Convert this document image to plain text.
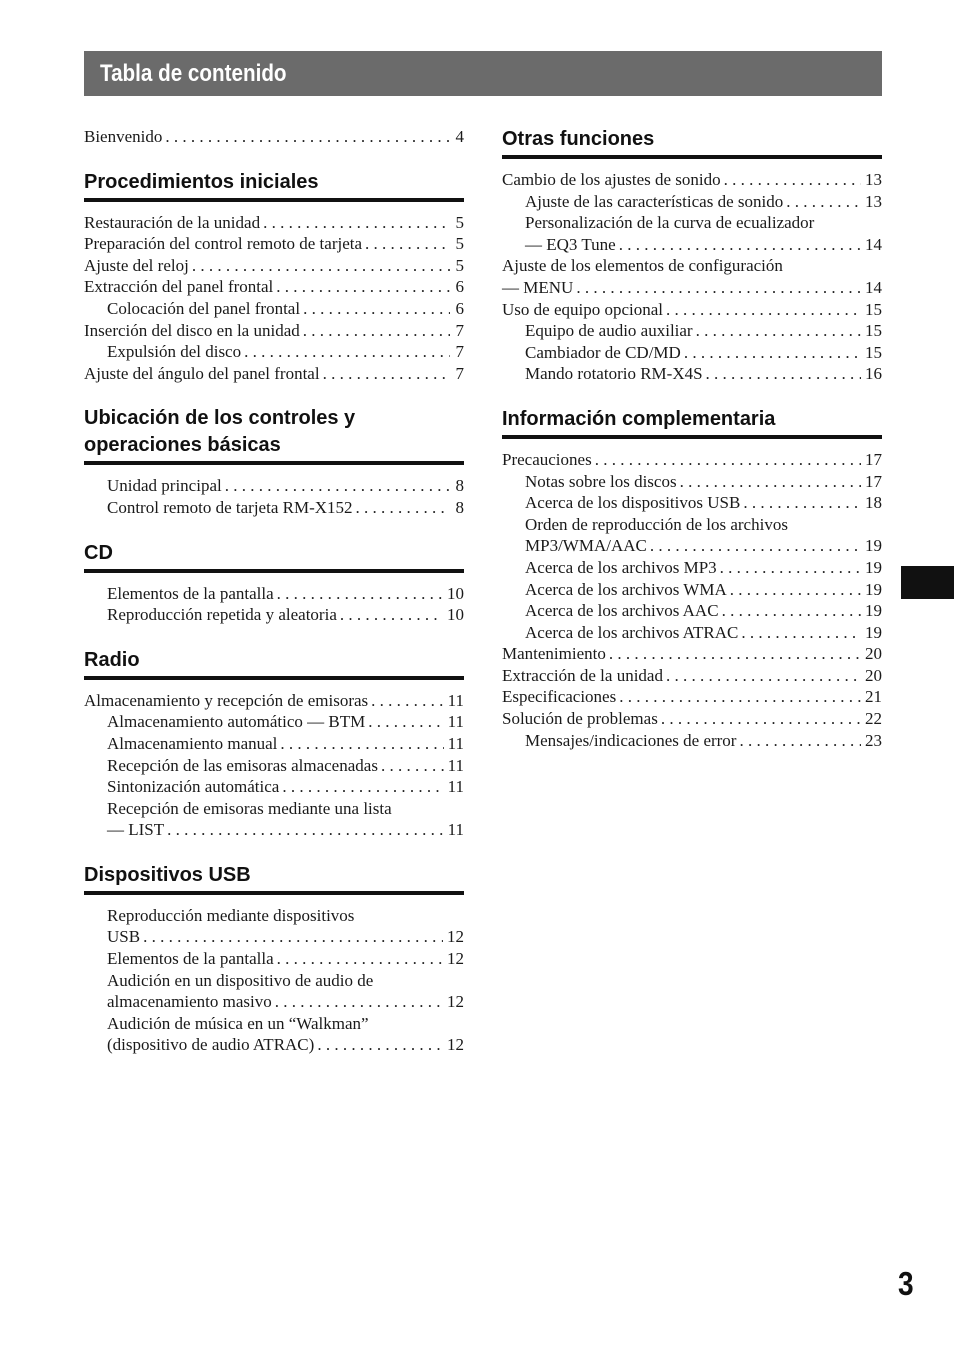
Tabla de contenido
Bienvenido . . .	4
Procedimientos iniciales
Restauración de la unidad . . .	5
Preparación del control remoto de tarjeta . . .	5
Ajuste del reloj . . .	5
Extracción del panel frontal . . .	6
Colocación del panel frontal . . .	6
Inserción del disco en la unidad . . .	7
Expulsión del disco . . .	7
Ajuste del ángulo del panel frontal . . .	7
Ubicación de los controles y operaciones básicas
Unidad principal . . .	8
Control remoto de tarjeta RM-X152 . . .	8
CD
Elementos de la pantalla . . .	10
Reproducción repetida y aleatoria . . .	10
Radio
Almacenamiento y recepción de emisoras . . .	11
Almacenamiento automático — BTM . . .	11
Almacenamiento manual . . .	11
Recepción de las emisoras almacenadas . . .	11
Sintonización automática . . .	11
Recepción de emisoras mediante una lista
— LIST . . .	11
Dispositivos USB
Reproducción mediante dispositivos
USB . . .	12
Elementos de la pantalla . . .	12
Audición en un dispositivo de audio de
almacenamiento masivo . . .	12
Audición de música en un “Walkman”
(dispositivo de audio ATRAC) . . .	12
Otras funciones
Cambio de los ajustes de sonido . . .	13
Ajuste de las características de sonido . . .	13
Personalización de la curva de ecualizador
— EQ3 Tune . . .	14
Ajuste de los elementos de configuración
— MENU . . .	14
Uso de equipo opcional . . .	15
Equipo de audio auxiliar . . .	15
Cambiador de CD/MD . . .	15
Mando rotatorio RM-X4S . . .	16
Información complementaria
Precauciones . . .	17
Notas sobre los discos . . .	17
Acerca de los dispositivos USB . . .	18
Orden de reproducción de los archivos
MP3/WMA/AAC . . .	19
Acerca de los archivos MP3 . . .	19
Acerca de los archivos WMA . . .	19
Acerca de los archivos AAC . . .	19
Acerca de los archivos ATRAC . . .	19
Mantenimiento . . .	20
Extracción de la unidad . . .	20
Especificaciones . . .	21
Solución de problemas . . .	22
Mensajes/indicaciones de error . . .	23
3
